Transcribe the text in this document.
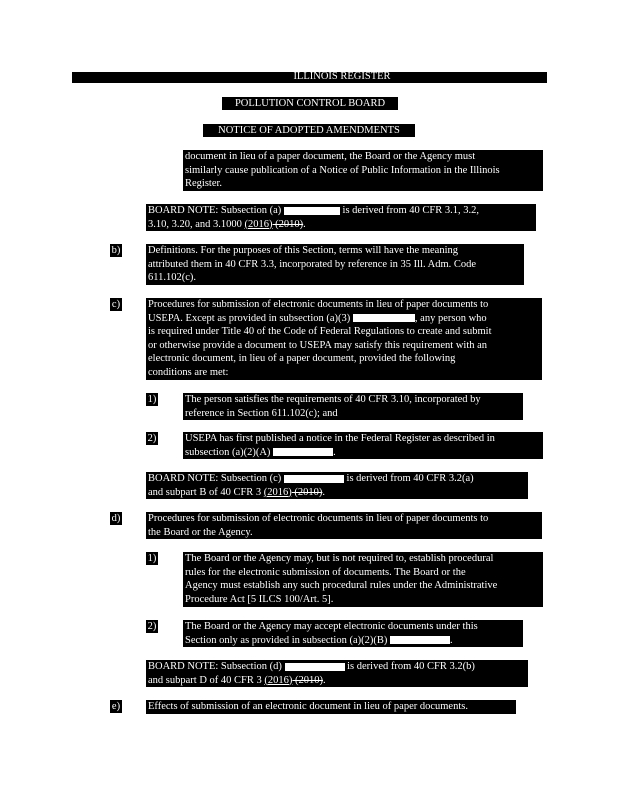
ILLINOIS REGISTER
POLLUTION CONTROL BOARD
NOTICE OF ADOPTED AMENDMENTS
document in lieu of a paper document, the Board or the Agency must
similarly cause publication of a Notice of Public Information in the Illinois
Register.
BOARD NOTE: Subsection (a)	is derived from 40 CFR 3.1, 3.2,
3.10, 3.20, and 3.1000 (2016) (2010).
b)	Definitions. For the purposes of this Section, terms will have the meaning
attributed them in 40 CFR 3.3, incorporated by reference in 35 Ill. Adm. Code
611.102(c).
c)	Procedures for submission of electronic documents in lieu of paper documents to
USEPA. Except as provided in subsection (a)(3)	, any person who
is required under Title 40 of the Code of Federal Regulations to create and submit
or otherwise provide a document to USEPA may satisfy this requirement with an
electronic document, in lieu of a paper document, provided the following
conditions are met:
1)	The person satisfies the requirements of 40 CFR 3.10, incorporated by
reference in Section 611.102(c); and
2)	USEPA has first published a notice in the Federal Register as described in
subsection (a)(2)(A)	.
BOARD NOTE: Subsection (c)	is derived from 40 CFR 3.2(a)
and subpart B of 40 CFR 3 (2016) (2010).
d)	Procedures for submission of electronic documents in lieu of paper documents to
the Board or the Agency.
1)	The Board or the Agency may, but is not required to, establish procedural
rules for the electronic submission of documents. The Board or the
Agency must establish any such procedural rules under the Administrative
Procedure Act [5 ILCS 100/Art. 5].
2)	The Board or the Agency may accept electronic documents under this
Section only as provided in subsection (a)(2)(B)	.
BOARD NOTE: Subsection (d)	is derived from 40 CFR 3.2(b)
and subpart D of 40 CFR 3 (2016) (2010).
e)	Effects of submission of an electronic document in lieu of paper documents.
